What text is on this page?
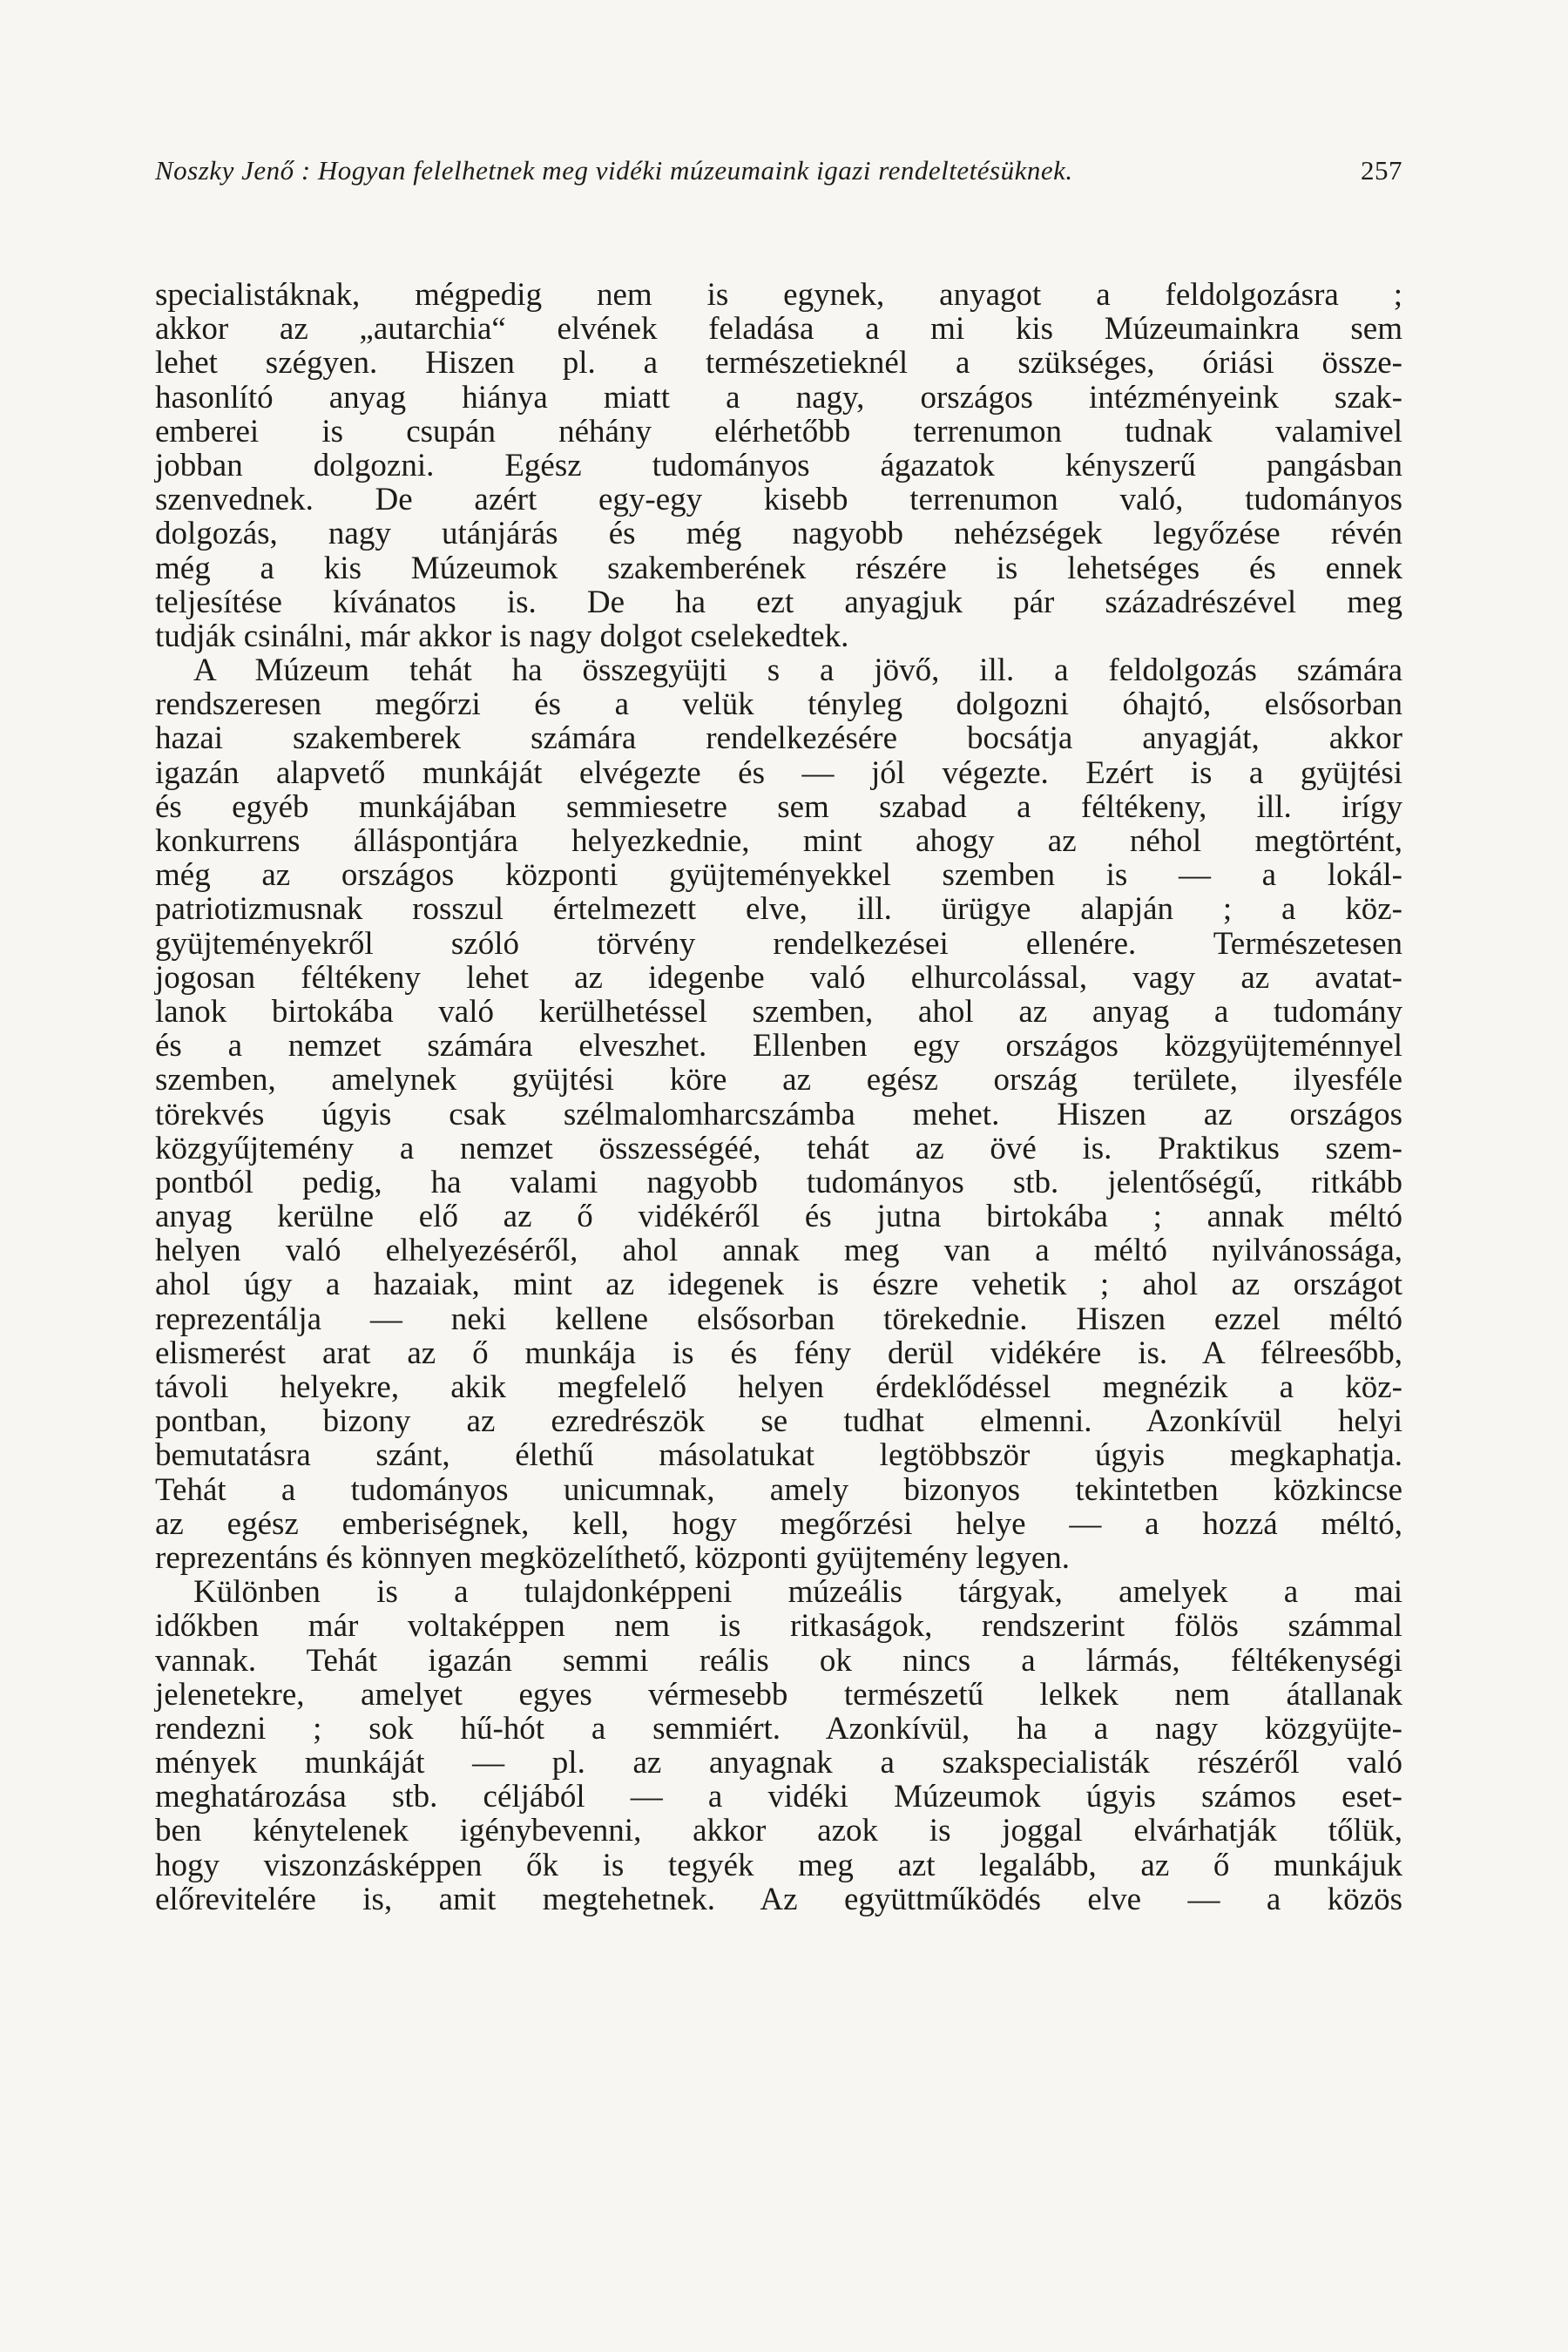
Noszky Jenő : Hogyan felelhetnek meg vidéki múzeumaink igazi rendeltetésüknek.	257
specialistáknak, mégpedig nem is egynek, anyagot a feldolgozásra ;
akkor az „autarchia“ elvének feladása a mi kis Múzeumainkra sem
lehet szégyen. Hiszen pl. a természetieknél a szükséges, óriási össze-
hasonlító anyag hiánya miatt a nagy, országos intézményeink szak-
emberei is csupán néhány elérhetőbb terrenumon tudnak valamivel
jobban dolgozni. Egész tudományos ágazatok kényszerű pangásban
szenvednek. De azért egy-egy kisebb terrenumon való, tudományos
dolgozás, nagy utánjárás és még nagyobb nehézségek legyőzése révén
még a kis Múzeumok szakemberének részére is lehetséges és ennek
teljesítése kívánatos is. De ha ezt anyagjuk pár századrészével meg
tudják csinálni, már akkor is nagy dolgot cselekedtek.
A Múzeum tehát ha összegyüjti s a jövő, ill. a feldolgozás számára
rendszeresen megőrzi és a velük tényleg dolgozni óhajtó, elsősorban
hazai szakemberek számára rendelkezésére bocsátja anyagját, akkor
igazán alapvető munkáját elvégezte és — jól végezte. Ezért is a gyüjtési
és egyéb munkájában semmiesetre sem szabad a féltékeny, ill. irígy
konkurrens álláspontjára helyezkednie, mint ahogy az néhol megtörtént,
még az országos központi gyüjteményekkel szemben is — a lokál-
patriotizmusnak rosszul értelmezett elve, ill. ürügye alapján ; a köz-
gyüjteményekről szóló törvény rendelkezései ellenére. Természetesen
jogosan féltékeny lehet az idegenbe való elhurcolással, vagy az avatat-
lanok birtokába való kerülhetéssel szemben, ahol az anyag a tudomány
és a nemzet számára elveszhet. Ellenben egy országos közgyüjteménnyel
szemben, amelynek gyüjtési köre az egész ország területe, ilyesféle
törekvés úgyis csak szélmalomharcszámba mehet. Hiszen az országos
közgyűjtemény a nemzet összességéé, tehát az övé is. Praktikus szem-
pontból pedig, ha valami nagyobb tudományos stb. jelentőségű, ritkább
anyag kerülne elő az ő vidékéről és jutna birtokába ; annak méltó
helyen való elhelyezéséről, ahol annak meg van a méltó nyilvánossága,
ahol úgy a hazaiak, mint az idegenek is észre vehetik ; ahol az országot
reprezentálja — neki kellene elsősorban törekednie. Hiszen ezzel méltó
elismerést arat az ő munkája is és fény derül vidékére is. A félreesőbb,
távoli helyekre, akik megfelelő helyen érdeklődéssel megnézik a köz-
pontban, bizony az ezredrészök se tudhat elmenni. Azonkívül helyi
bemutatásra szánt, élethű másolatukat legtöbbször úgyis megkaphatja.
Tehát a tudományos unicumnak, amely bizonyos tekintetben közkincse
az egész emberiségnek, kell, hogy megőrzési helye — a hozzá méltó,
reprezentáns és könnyen megközelíthető, központi gyüjtemény legyen.
Különben is a tulajdonképpeni múzeális tárgyak, amelyek a mai
időkben már voltaképpen nem is ritkaságok, rendszerint fölös számmal
vannak. Tehát igazán semmi reális ok nincs a lármás, féltékenységi
jelenetekre, amelyet egyes vérmesebb természetű lelkek nem átallanak
rendezni ; sok hű-hót a semmiért. Azonkívül, ha a nagy közgyüjte-
mények munkáját — pl. az anyagnak a szakspecialisták részéről való
meghatározása stb. céljából — a vidéki Múzeumok úgyis számos eset-
ben kénytelenek igénybevenni, akkor azok is joggal elvárhatják tőlük,
hogy viszonzásképpen ők is tegyék meg azt legalább, az ő munkájuk
előrevitelére is, amit megtehetnek. Az együttműködés elve — a közös
